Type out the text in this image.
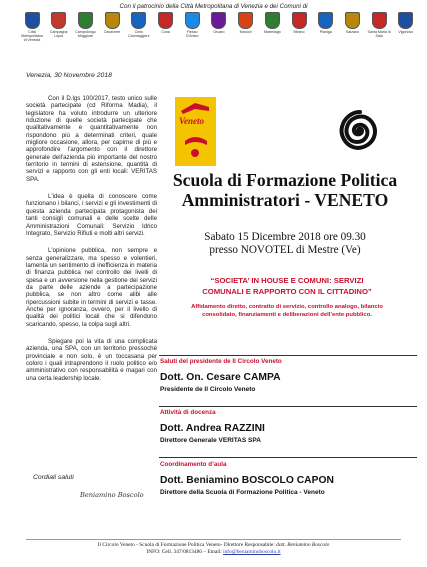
Con il patrocinio della Città Metropolitana di Venezia e dei Comuni di
Città Metropolitana di Venezia
Campagna Lupia
Campolongo Maggiore
Cavarzere	Cinto Caomaggiore
Cona	Fiesso D'Artico
Gruaro	Marcon	Martellago	Mirano	Pianiga	Salzano Santa Maria di Sala
Vigonovo
Venezia, 30 Novembre 2018

Con il D.lgs 100/2017, testo unico sulle società partecipate (cd Riforma Madia), il legislatore ha voluto introdurre un ulteriore riduzione di quelle società partecipate che qualitativamente e quantitativamente non rispondono più a determinati criteri, quale migliore occasione, allora, per capirne di più e approfondire l'argomento con il direttore generale dell'azienda più importante del nostro territorio in termini di estensione, quantità di servizi e rapporto con gli enti locali: VERITAS SPA.

L'idea è quella di conoscere come funzionano i bilanci, i servizi e gli investimenti di questa azienda partecipata protagonista dei tanti consigli comunali e delle scelte delle Amministrazioni Comunali: Servizio Idrico Integrato, Servizio Rifiuti e molti altri servizi.

L'opinione pubblica, non sempre e senza generalizzare, ma spesso e volentieri, lamenta un sentimento di inefficienza in materia di finanza pubblica nel controllo dei livelli di spesa e un avversione nella gestione dei servizi da parte delle aziende a partecipazione pubblica, se non altro come alibi alle ripercussioni subite in termini di servizi e tasse. Anche per ignoranza, ovvero, per il livello di qualità dei politici locali che si difendono scaricando, spesso, la colpa sugli altri.

Spiegare poi la vita di una complicata azienda, una SPA, con un territorio pressoché provinciale e non solo, è un toccasana per coloro i quali intraprendono il ruolo politico e/o amministrativo con responsabilità e magari con una certa leadership locale.

Cordiali saluti
Beniamino Boscolo
Veneto
Scuola di Formazione Politica
Amministratori - VENETO
Sabato 15 Dicembre 2018 ore 09.30
presso NOVOTEL di Mestre (Ve)
“SOCIETA’ IN HOUSE E COMUNI: SERVIZI
COMUNALI E RAPPORTO CON IL CITTADINO”
Affidamento diretto, contratto di servizio, controllo analogo, bilancio
consolidato, finanziamenti e deliberazioni dell’ente pubblico.
Saluti del presidente de Il Circolo Veneto
Dott. On. Cesare CAMPA
Presidente de Il Circolo Veneto
Attività di docenza
Dott. Andrea RAZZINI
Direttore Generale VERITAS SPA
Coordinamento d’aula
Dott. Beniamino BOSCOLO CAPON
Direttore della Scuola di Formazione Politica - Veneto
Il Circolo Veneto - Scuola di Formazione Politica Veneto- Direttore Responsabile: dott. Beniamino Boscolo
INFO: Cell. 347/0813486 – Email: info@beniaminoboscolo.it
